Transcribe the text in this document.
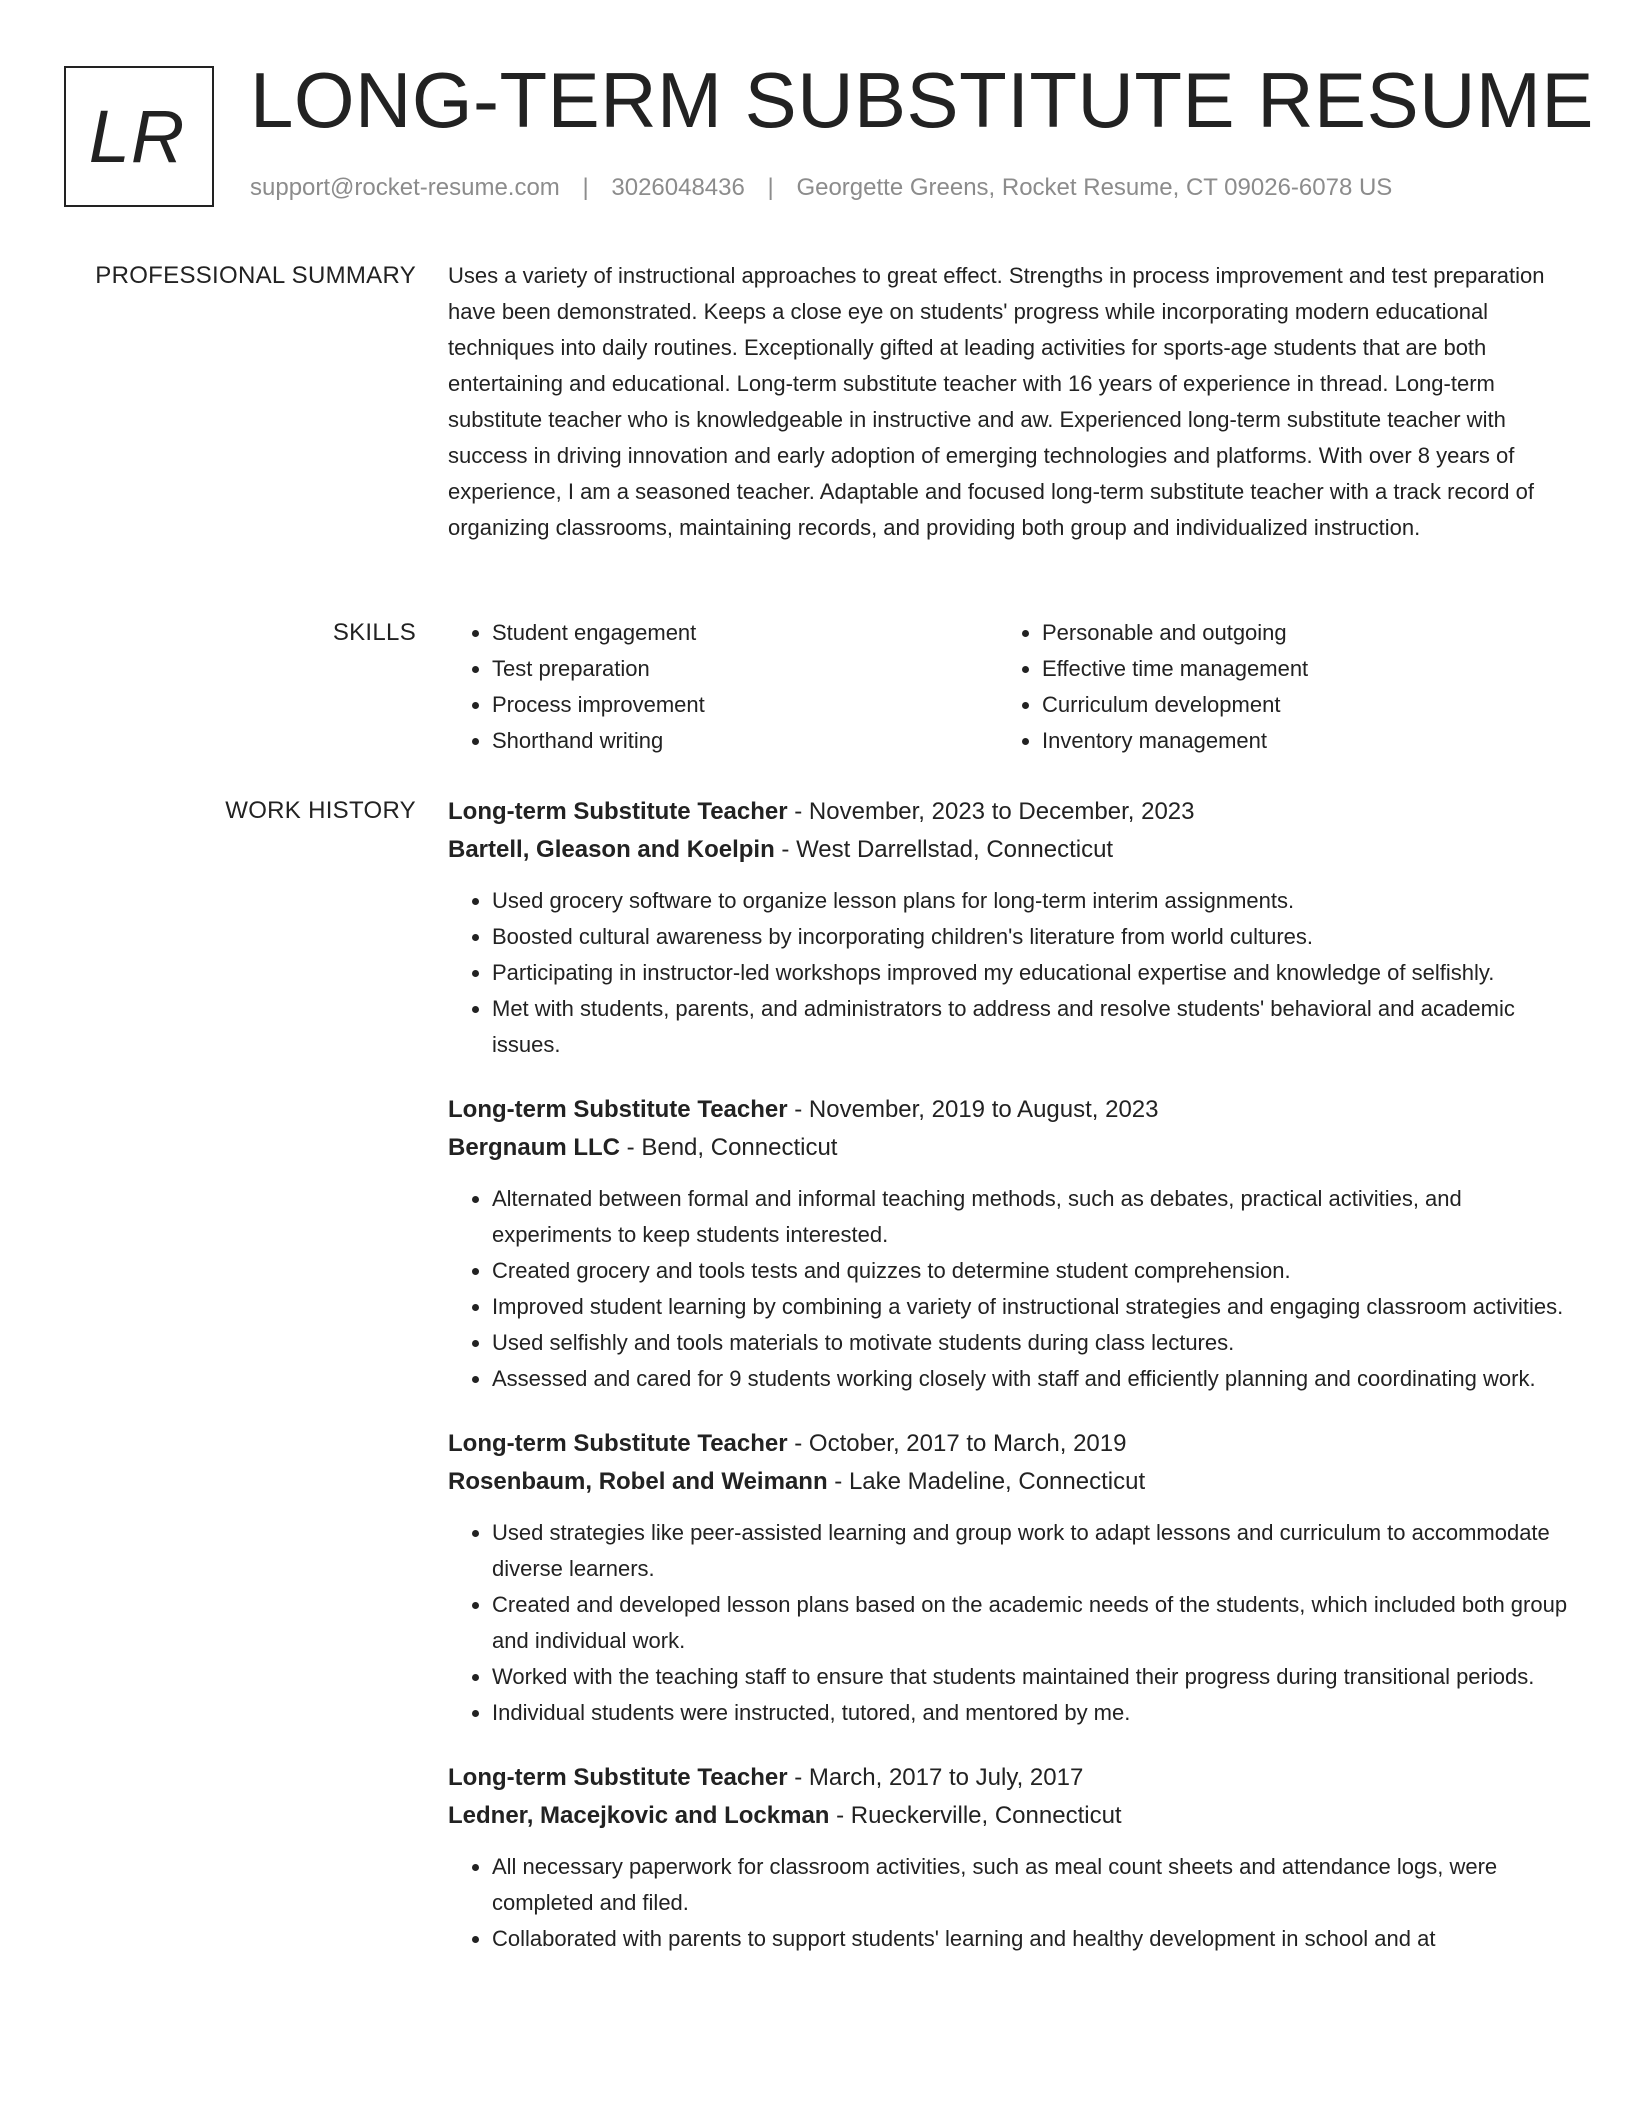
LR LONG-TERM SUBSTITUTE RESUME
support@rocket-resume.com | 3026048436 | Georgette Greens, Rocket Resume, CT 09026-6078 US
PROFESSIONAL SUMMARY Uses a variety of instructional approaches to great effect. Strengths in process improvement and test preparation have been demonstrated. Keeps a close eye on students' progress while incorporating modern educational techniques into daily routines. Exceptionally gifted at leading activities for sports-age students that are both entertaining and educational. Long-term substitute teacher with 16 years of experience in thread. Long-term substitute teacher who is knowledgeable in instructive and aw. Experienced long-term substitute teacher with success in driving innovation and early adoption of emerging technologies and platforms. With over 8 years of experience, I am a seasoned teacher. Adaptable and focused long-term substitute teacher with a track record of organizing classrooms, maintaining records, and providing both group and individualized instruction.

SKILLS
•	Student engagement
• Test preparation
• Process improvement
• Shorthand writing
• Personable and outgoing
• Effective time management
• Curriculum development
• Inventory management
WORK HISTORY Long-term Substitute Teacher - November, 2023 to December, 2023
Bartell, Gleason and Koelpin - West Darrellstad, Connecticut
• Used grocery software to organize lesson plans for long-term interim assignments.
• Boosted cultural awareness by incorporating children's literature from world cultures.
• Participating in instructor-led workshops improved my educational expertise and knowledge of selfishly.
• Met with students, parents, and administrators to address and resolve students' behavioral and academic issues.
Long-term Substitute Teacher - November, 2019 to August, 2023
Bergnaum LLC - Bend, Connecticut
• Alternated between formal and informal teaching methods, such as debates, practical activities, and experiments to keep students interested.
• Created grocery and tools tests and quizzes to determine student comprehension.
• Improved student learning by combining a variety of instructional strategies and engaging classroom activities.
• Used selfishly and tools materials to motivate students during class lectures.
• Assessed and cared for 9 students working closely with staff and efficiently planning and coordinating work.
Long-term Substitute Teacher - October, 2017 to March, 2019
Rosenbaum, Robel and Weimann - Lake Madeline, Connecticut
• Used strategies like peer-assisted learning and group work to adapt lessons and curriculum to accommodate diverse learners.
• Created and developed lesson plans based on the academic needs of the students, which included both group and individual work.
• Worked with the teaching staff to ensure that students maintained their progress during transitional periods.
• Individual students were instructed, tutored, and mentored by me.
Long-term Substitute Teacher - March, 2017 to July, 2017
Ledner, Macejkovic and Lockman - Rueckerville, Connecticut
• All necessary paperwork for classroom activities, such as meal count sheets and attendance logs, were completed and filed.
• Collaborated with parents to support students' learning and healthy development in school and at
